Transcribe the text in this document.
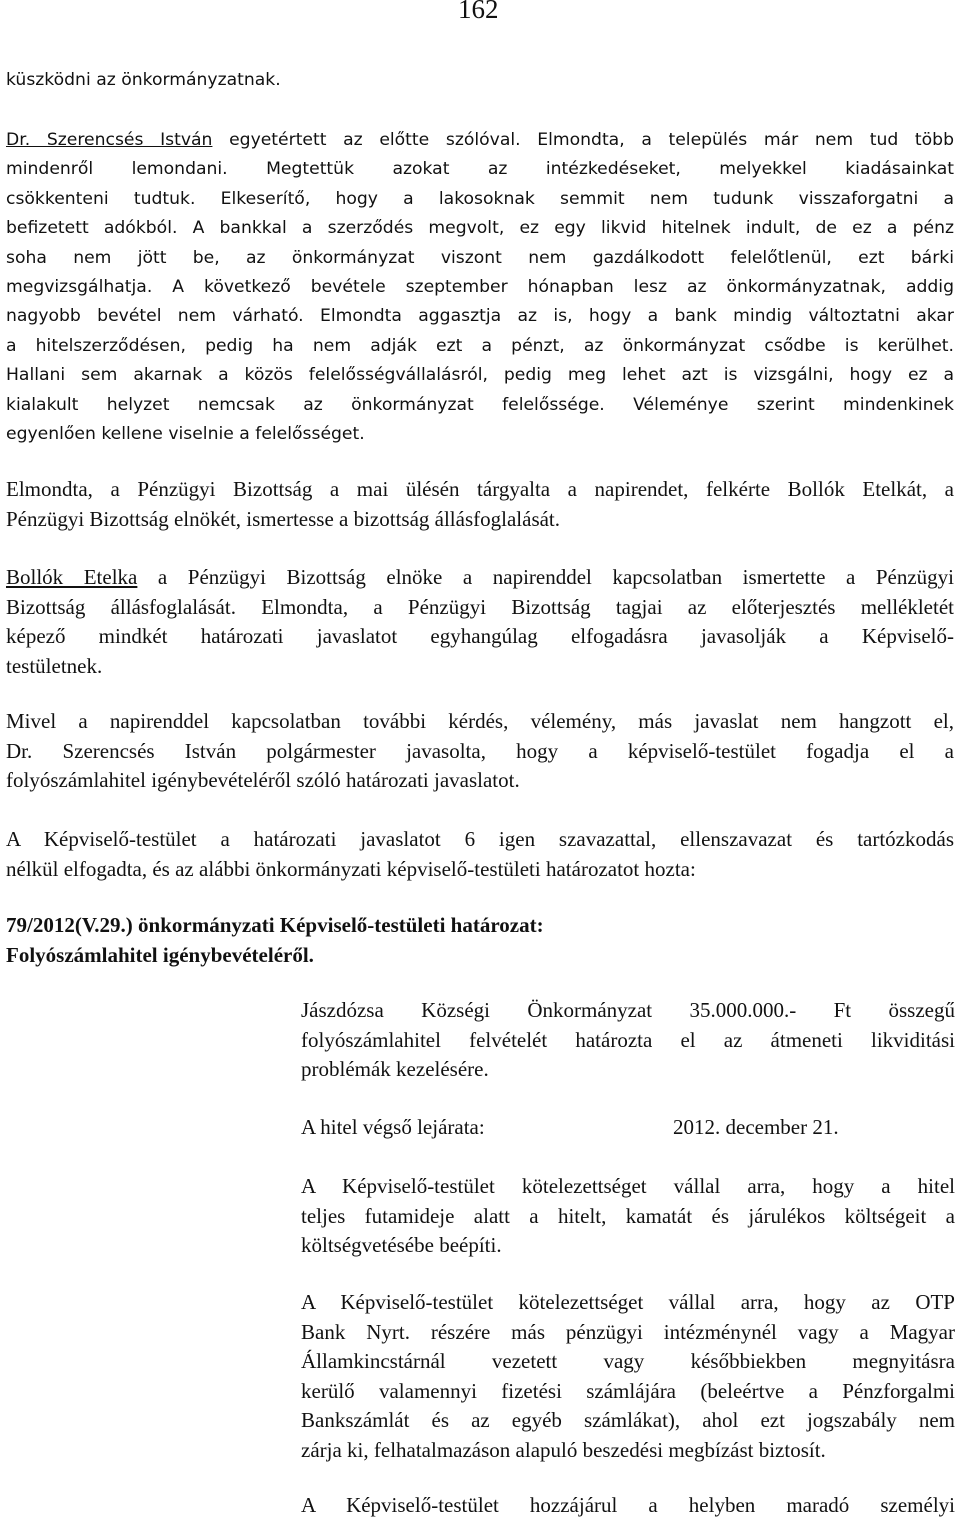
162
küszködni az önkormányzatnak.
Dr. Szerencsés István egyetértett az előtte szólóval. Elmondta, a település már nem tud több
mindenről lemondani. Megtettük azokat az intézkedéseket, melyekkel kiadásainkat
csökkenteni tudtuk. Elkeserítő, hogy a lakosoknak semmit nem tudunk visszaforgatni a
befizetett adókból. A bankkal a szerződés megvolt, ez egy likvid hitelnek indult, de ez a pénz
soha nem jött be, az önkormányzat viszont nem gazdálkodott felelőtlenül, ezt bárki
megvizsgálhatja. A következő bevétele szeptember hónapban lesz az önkormányzatnak, addig
nagyobb bevétel nem várható. Elmondta aggasztja az is, hogy a bank mindig változtatni akar
a hitelszerződésen, pedig ha nem adják ezt a pénzt, az önkormányzat csődbe is kerülhet.
Hallani sem akarnak a közös felelősségvállalásról, pedig meg lehet azt is vizsgálni, hogy ez a
kialakult helyzet nemcsak az önkormányzat felelőssége. Véleménye szerint mindenkinek
egyenlően kellene viselnie a felelősséget.
Elmondta, a Pénzügyi Bizottság a mai ülésén tárgyalta a napirendet, felkérte Bollók Etelkát, a
Pénzügyi Bizottság elnökét, ismertesse a bizottság állásfoglalását.
Bollók Etelka a Pénzügyi Bizottság elnöke a napirenddel kapcsolatban ismertette a Pénzügyi
Bizottság állásfoglalását. Elmondta, a Pénzügyi Bizottság tagjai az előterjesztés mellékletét
képező mindkét határozati javaslatot egyhangúlag elfogadásra javasolják a Képviselő-
testületnek.
Mivel a napirenddel kapcsolatban további kérdés, vélemény, más javaslat nem hangzott el,
Dr. Szerencsés István polgármester javasolta, hogy a képviselő-testület fogadja el a
folyószámlahitel igénybevételéről szóló határozati javaslatot.
A Képviselő-testület a határozati javaslatot 6 igen szavazattal, ellenszavazat és tartózkodás
nélkül elfogadta, és az alábbi önkormányzati képviselő-testületi határozatot hozta:
79/2012(V.29.) önkormányzati Képviselő-testületi határozat:
Folyószámlahitel igénybevételéről.
Jászdózsa Községi Önkormányzat 35.000.000.- Ft összegű
folyószámlahitel felvételét határozta el az átmeneti likviditási
problémák kezelésére.
A hitel végső lejárata:	2012. december 21.
A Képviselő-testület kötelezettséget vállal arra, hogy a hitel
teljes futamideje alatt a hitelt, kamatát és járulékos költségeit a
költségvetésébe beépíti.
A Képviselő-testület kötelezettséget vállal arra, hogy az OTP
Bank Nyrt. részére más pénzügyi intézménynél vagy a Magyar
Államkincstárnál vezetett vagy későbbiekben megnyitásra
kerülő valamennyi fizetési számlájára (beleértve a Pénzforgalmi
Bankszámlát és az egyéb számlákat), ahol ezt jogszabály nem
zárja ki, felhatalmazáson alapuló beszedési megbízást biztosít.
A Képviselő-testület hozzájárul a helyben maradó személyi
